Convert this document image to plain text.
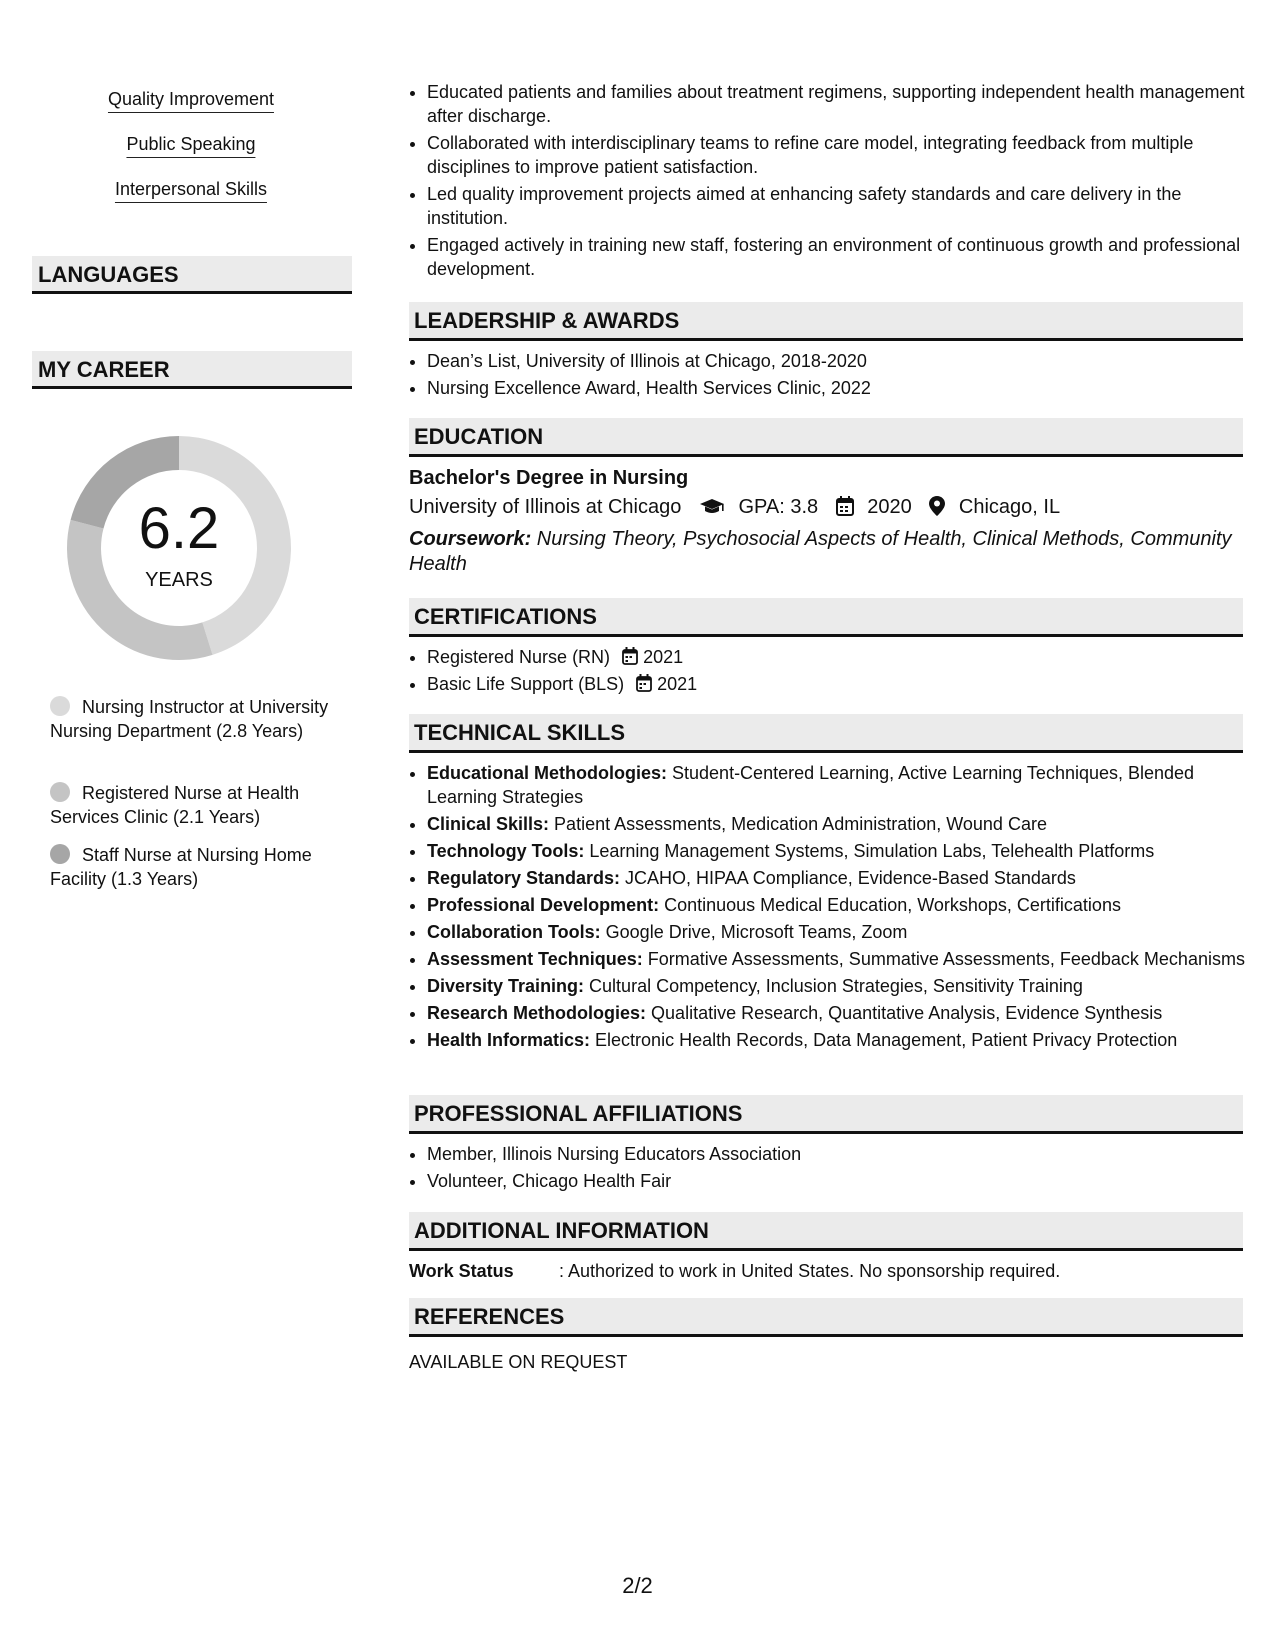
Quality Improvement
Public Speaking
Interpersonal Skills
LANGUAGES
MY CAREER
6.2
YEARS
Nursing Instructor at University Nursing Department (2.8 Years)
Registered Nurse at Health Services Clinic (2.1 Years)
Staff Nurse at Nursing Home Facility (1.3 Years)
• Educated patients and families about treatment regimens, supporting independent health management after discharge.
• Collaborated with interdisciplinary teams to refine care model, integrating feedback from multiple disciplines to improve patient satisfaction.
• Led quality improvement projects aimed at enhancing safety standards and care delivery in the institution.
• Engaged actively in training new staff, fostering an environment of continuous growth and professional development.
LEADERSHIP & AWARDS
• Dean’s List, University of Illinois at Chicago, 2018-2020
• Nursing Excellence Award, Health Services Clinic, 2022
EDUCATION
Bachelor's Degree in Nursing
University of Illinois at Chicago	GPA: 3.8 2020 Chicago, IL
Coursework: Nursing Theory, Psychosocial Aspects of Health, Clinical Methods, Community Health
CERTIFICATIONS
• Registered Nurse (RN) 2021
• Basic Life Support (BLS) 2021
TECHNICAL SKILLS
• Educational Methodologies: Student-Centered Learning, Active Learning Techniques, Blended Learning Strategies
• Clinical Skills: Patient Assessments, Medication Administration, Wound Care
• Technology Tools: Learning Management Systems, Simulation Labs, Telehealth Platforms
• Regulatory Standards: JCAHO, HIPAA Compliance, Evidence-Based Standards
• Professional Development: Continuous Medical Education, Workshops, Certifications
• Collaboration Tools: Google Drive, Microsoft Teams, Zoom
• Assessment Techniques: Formative Assessments, Summative Assessments, Feedback Mechanisms
• Diversity Training: Cultural Competency, Inclusion Strategies, Sensitivity Training
• Research Methodologies: Qualitative Research, Quantitative Analysis, Evidence Synthesis
• Health Informatics: Electronic Health Records, Data Management, Patient Privacy Protection
PROFESSIONAL AFFILIATIONS
• Member, Illinois Nursing Educators Association
• Volunteer, Chicago Health Fair
ADDITIONAL INFORMATION
Work Status	: Authorized to work in United States. No sponsorship required.
REFERENCES
AVAILABLE ON REQUEST
2/2
